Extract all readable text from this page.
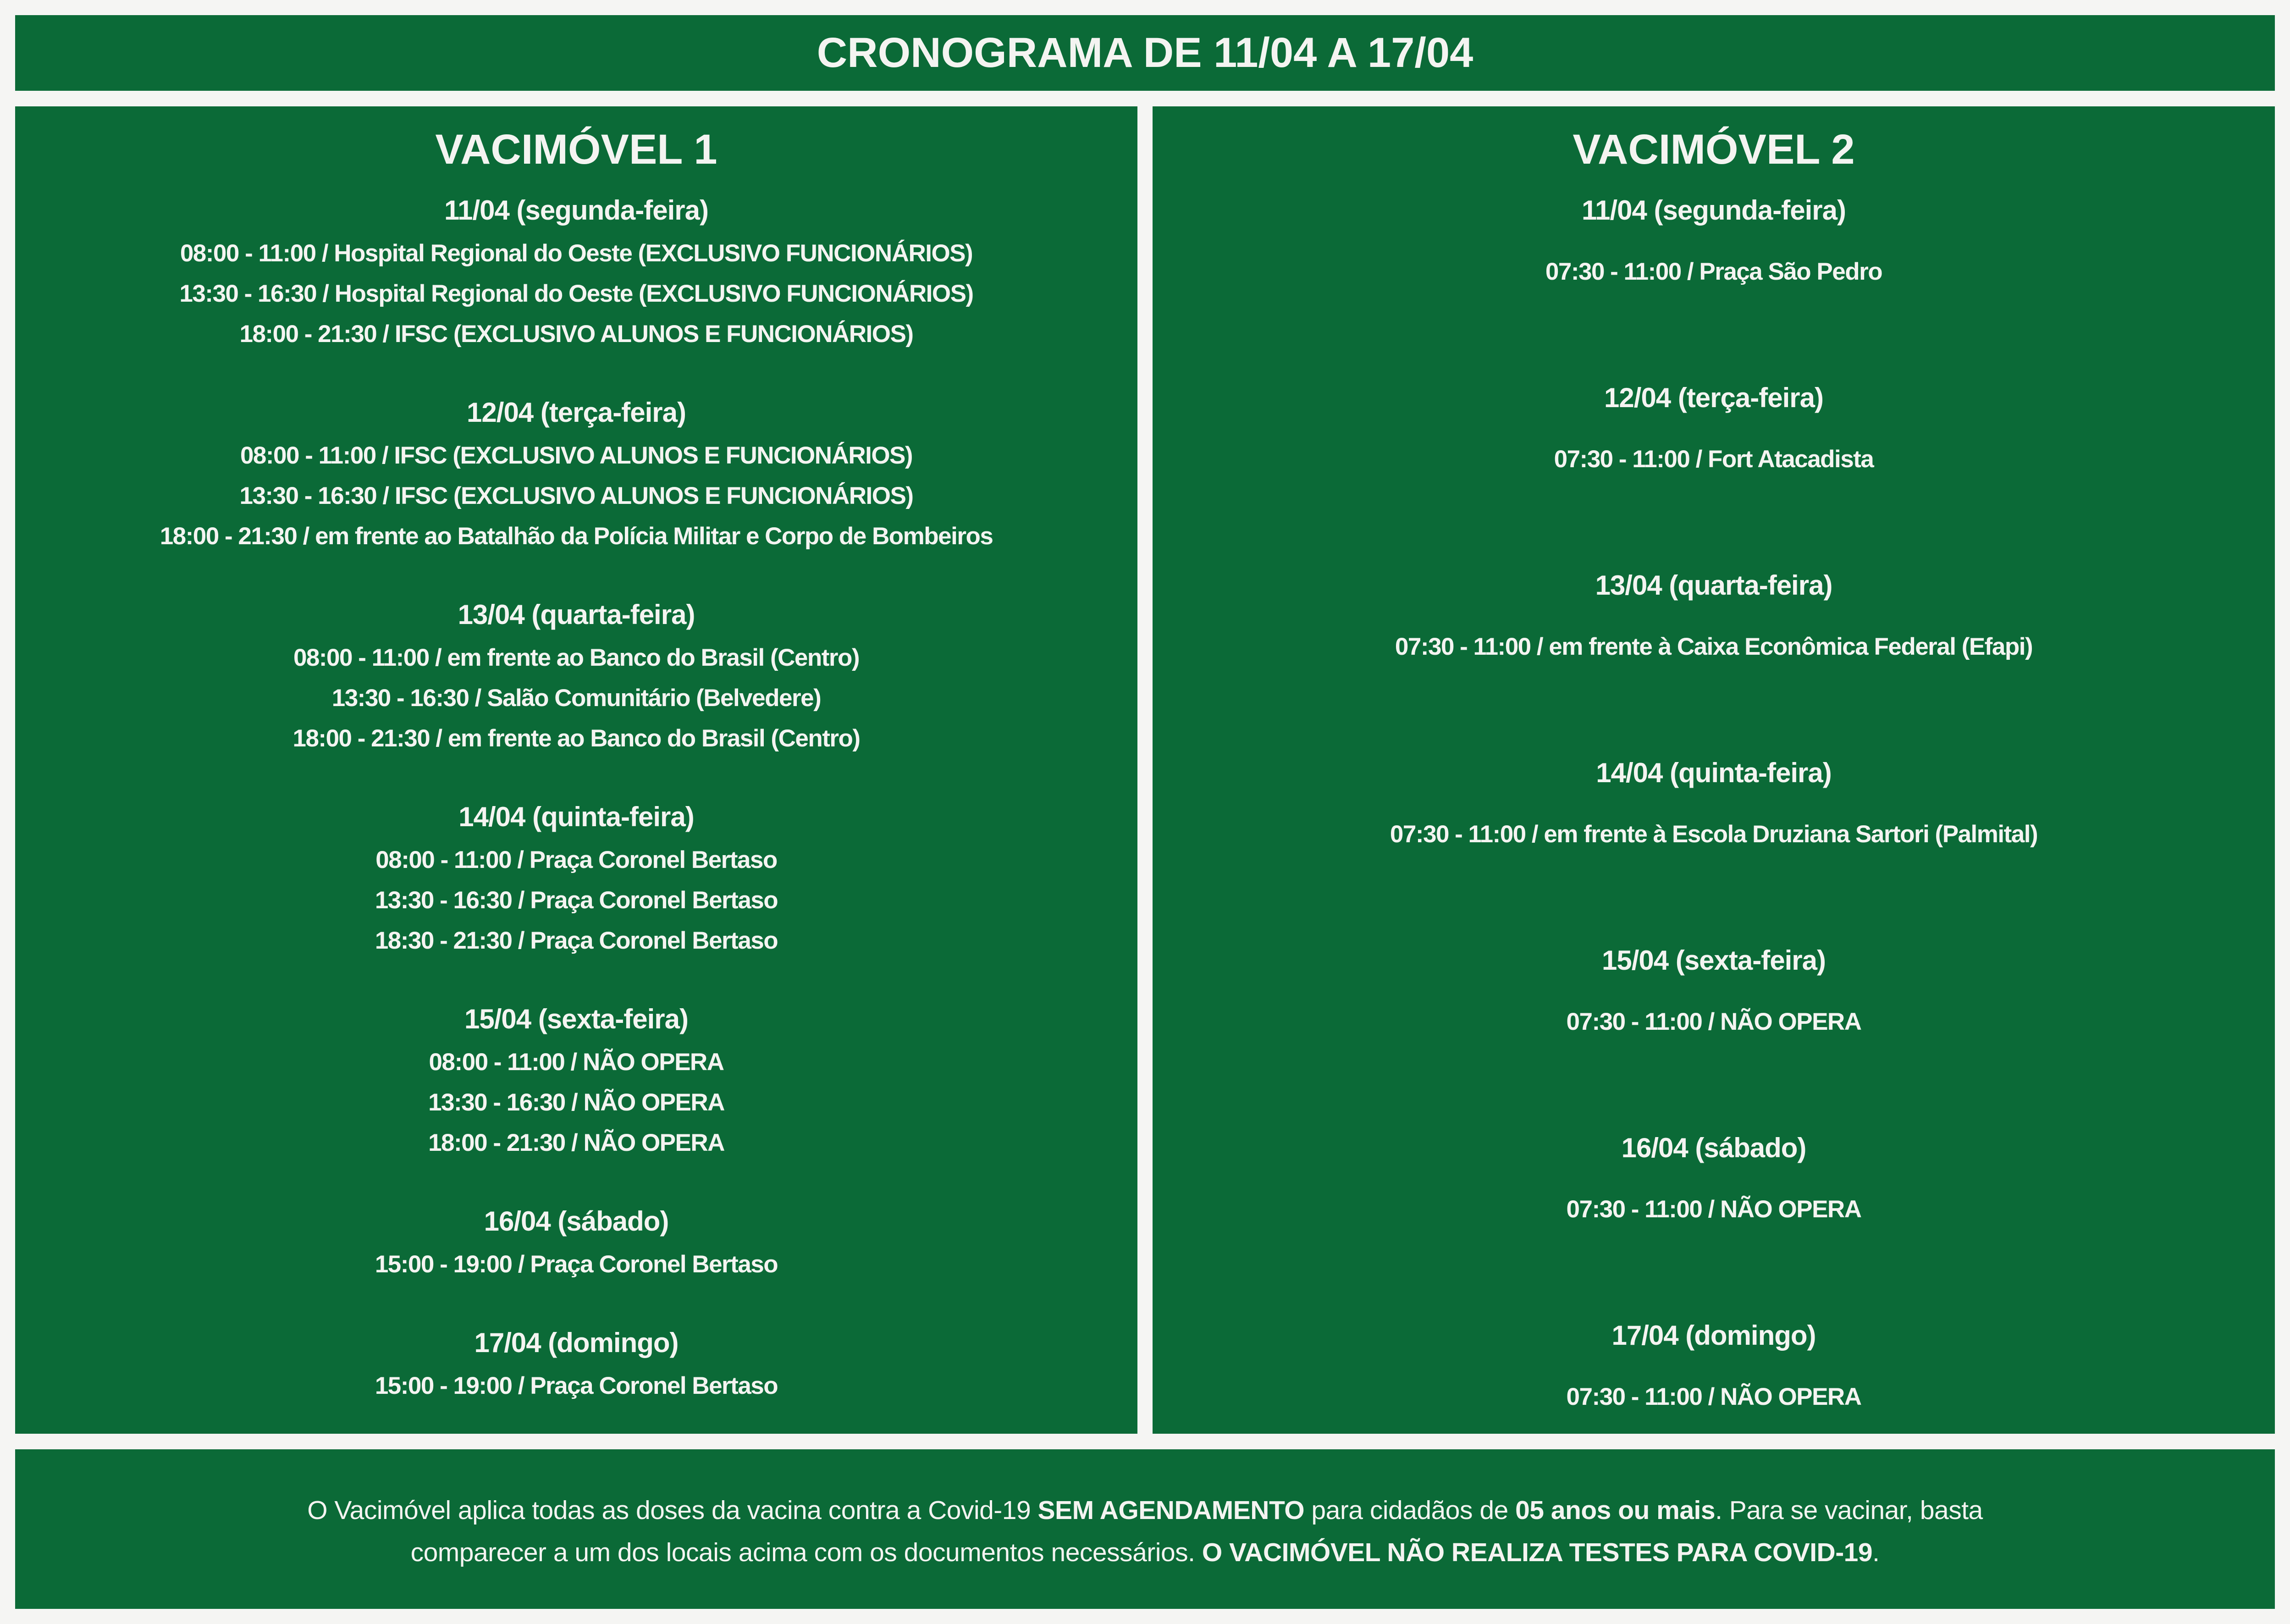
CRONOGRAMA DE 11/04 A 17/04
VACIMÓVEL 1
11/04 (segunda-feira)
08:00 - 11:00 / Hospital Regional do Oeste (EXCLUSIVO FUNCIONÁRIOS)
13:30 - 16:30 / Hospital Regional do Oeste (EXCLUSIVO FUNCIONÁRIOS)
18:00 - 21:30 / IFSC (EXCLUSIVO ALUNOS E FUNCIONÁRIOS)
12/04 (terça-feira)
08:00 - 11:00 / IFSC (EXCLUSIVO ALUNOS E FUNCIONÁRIOS)
13:30 - 16:30 / IFSC (EXCLUSIVO ALUNOS E FUNCIONÁRIOS)
18:00 - 21:30 / em frente ao Batalhão da Polícia Militar e Corpo de Bombeiros
13/04 (quarta-feira)
08:00 - 11:00 / em frente ao Banco do Brasil (Centro)
13:30 - 16:30 / Salão Comunitário (Belvedere)
18:00 - 21:30 / em frente ao Banco do Brasil (Centro)
14/04 (quinta-feira)
08:00 - 11:00 / Praça Coronel Bertaso
13:30 - 16:30 / Praça Coronel Bertaso
18:30 - 21:30 / Praça Coronel Bertaso
15/04 (sexta-feira)
08:00 - 11:00 / NÃO OPERA
13:30 - 16:30 / NÃO OPERA
18:00 - 21:30 / NÃO OPERA
16/04 (sábado)
15:00 - 19:00 / Praça Coronel Bertaso
17/04 (domingo)
15:00 - 19:00 / Praça Coronel Bertaso
VACIMÓVEL 2
11/04 (segunda-feira)
07:30 - 11:00 / Praça São Pedro
12/04 (terça-feira)
07:30 - 11:00 / Fort Atacadista
13/04 (quarta-feira)
07:30 - 11:00 / em frente à Caixa Econômica Federal (Efapi)
14/04 (quinta-feira)
07:30 - 11:00 / em frente à Escola Druziana Sartori (Palmital)
15/04 (sexta-feira)
07:30 - 11:00 / NÃO OPERA
16/04 (sábado)
07:30 - 11:00 / NÃO OPERA
17/04 (domingo)
07:30 - 11:00 / NÃO OPERA
O Vacimóvel aplica todas as doses da vacina contra a Covid-19 SEM AGENDAMENTO para cidadãos de 05 anos ou mais. Para se vacinar, basta
comparecer a um dos locais acima com os documentos necessários. O VACIMÓVEL NÃO REALIZA TESTES PARA COVID-19.
